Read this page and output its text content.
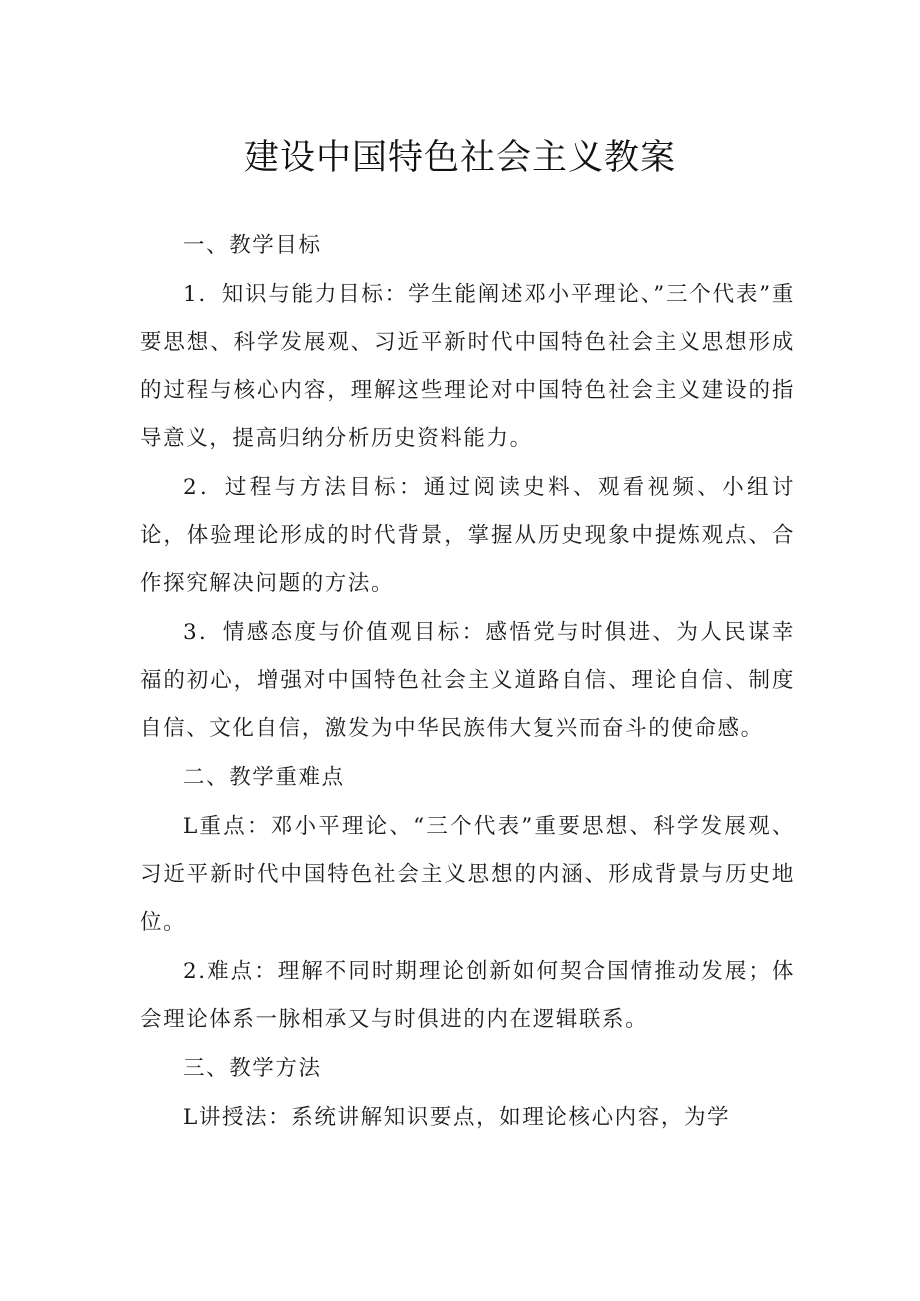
建设中国特色社会主义教案

一、教学目标

1．知识与能力目标：学生能阐述邓小平理论、”三个代表”重要思想、科学发展观、习近平新时代中国特色社会主义思想形成的过程与核心内容，理解这些理论对中国特色社会主义建设的指导意义，提高归纳分析历史资料能力。

2．过程与方法目标：通过阅读史料、观看视频、小组讨论，体验理论形成的时代背景，掌握从历史现象中提炼观点、合作探究解决问题的方法。

3．情感态度与价值观目标：感悟党与时俱进、为人民谋幸福的初心，增强对中国特色社会主义道路自信、理论自信、制度自信、文化自信，激发为中华民族伟大复兴而奋斗的使命感。

二、教学重难点

L重点：邓小平理论、“三个代表”重要思想、科学发展观、习近平新时代中国特色社会主义思想的内涵、形成背景与历史地位。

2.难点：理解不同时期理论创新如何契合国情推动发展；体会理论体系一脉相承又与时俱进的内在逻辑联系。

三、教学方法

L讲授法：系统讲解知识要点，如理论核心内容，为学
